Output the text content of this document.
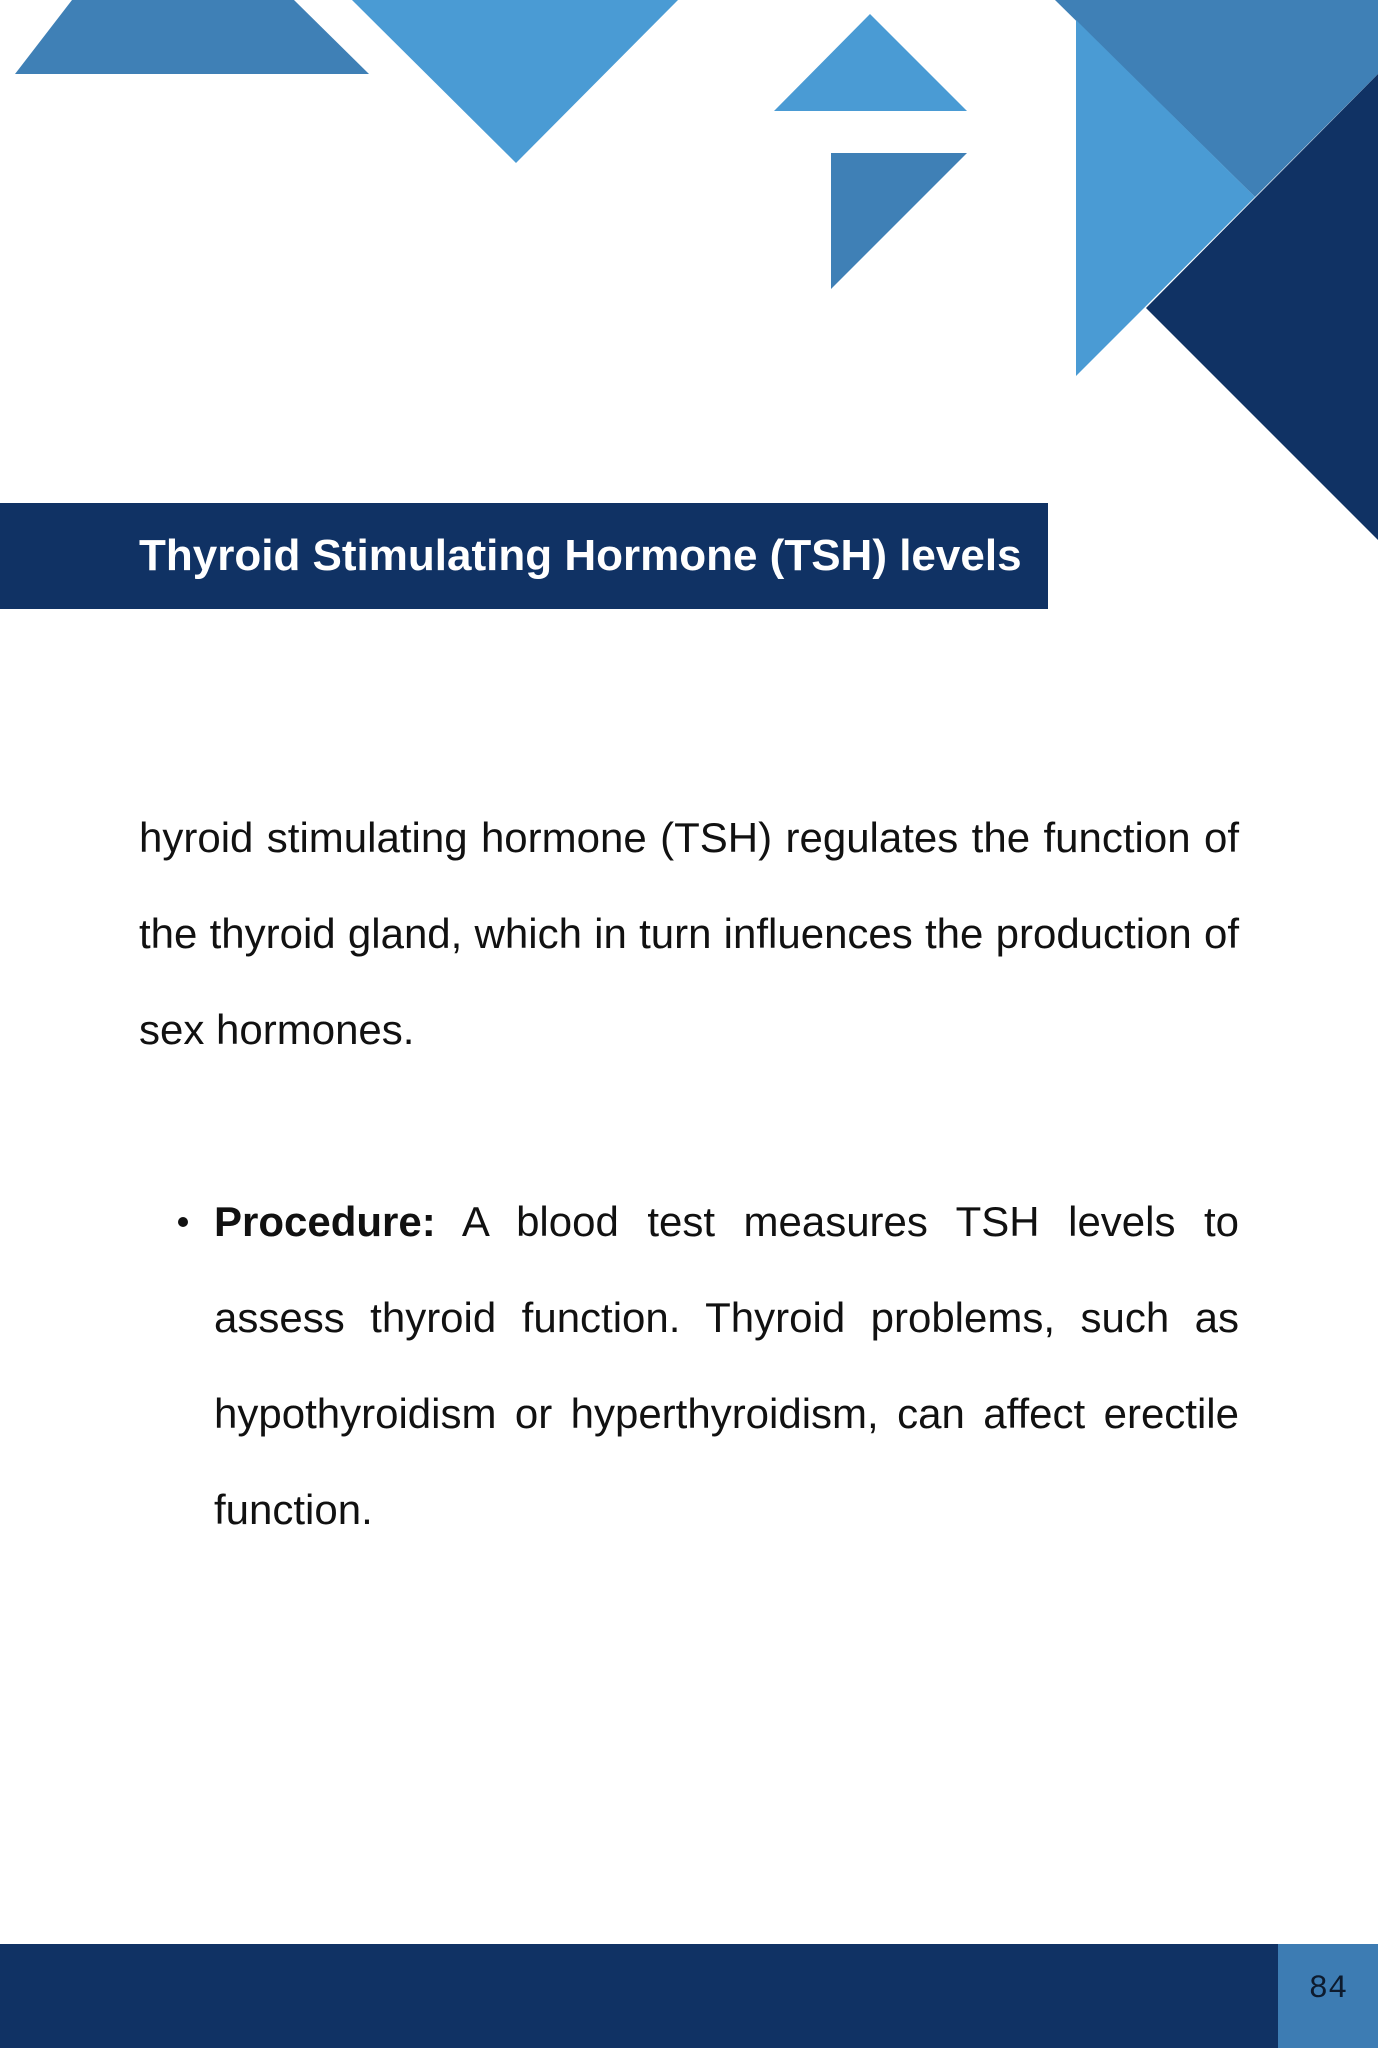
Thyroid Stimulating Hormone (TSH) levels

hyroid stimulating hormone (TSH) regulates the function of the thyroid gland, which in turn influences the production of sex hormones.

Procedure: A blood test measures TSH levels to assess thyroid function. Thyroid problems, such as hypothyroidism or hyperthyroidism, can affect erectile function.
84
